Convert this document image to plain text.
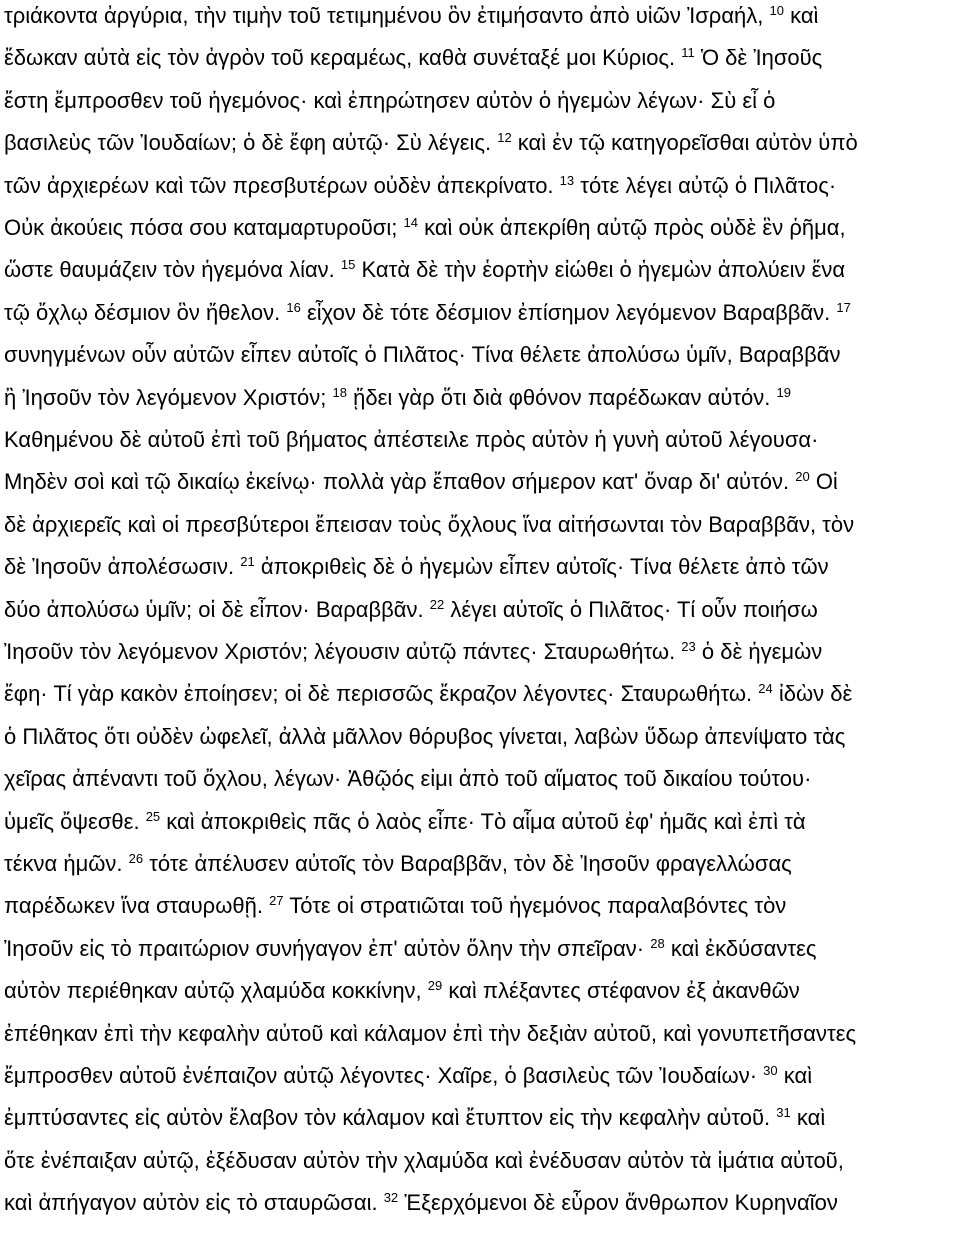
τριάκοντα ἀργύρια, τὴν τιμὴν τοῦ τετιμημένου ὃν ἐτιμήσαντο ἀπὸ υἱῶν Ἰσραήλ, $^{10}$ καὶ
ἔδωκαν αὐτὰ εἰς τὸν ἀγρὸν τοῦ κεραμέως, καθὰ συνέταξέ μοι Κύριος. $^{11}$ Ὁ δὲ Ἰησοῦς
ἔστη ἔμπροσθεν τοῦ ἡγεμόνος· καὶ ἐπηρώτησεν αὐτὸν ὁ ἡγεμὼν λέγων· Σὺ εἶ ὁ
βασιλεὺς τῶν Ἰουδαίων; ὁ δὲ ἔφη αὐτῷ· Σὺ λέγεις. $^{12}$ καὶ ἐν τῷ κατηγορεῖσθαι αὐτὸν ὑπὸ
τῶν ἀρχιερέων καὶ τῶν πρεσβυτέρων οὐδὲν ἀπεκρίνατο. $^{13}$ τότε λέγει αὐτῷ ὁ Πιλᾶτος·
Οὐκ ἀκούεις πόσα σου καταμαρτυροῦσι; $^{14}$ καὶ οὐκ ἀπεκρίθη αὐτῷ πρὸς οὐδὲ ἓν ῥῆμα,
ὥστε θαυμάζειν τὸν ἡγεμόνα λίαν. $^{15}$ Κατὰ δὲ τὴν ἑορτὴν εἰώθει ὁ ἡγεμὼν ἀπολύειν ἕνα
τῷ ὄχλῳ δέσμιον ὃν ἤθελον. $^{16}$ εἶχον δὲ τότε δέσμιον ἐπίσημον λεγόμενον Βαραββᾶν. $^{17}$
συνηγμένων οὖν αὐτῶν εἶπεν αὐτοῖς ὁ Πιλᾶτος· Τίνα θέλετε ἀπολύσω ὑμῖν, Βαραββᾶν
ἢ Ἰησοῦν τὸν λεγόμενον Χριστόν; $^{18}$ ᾔδει γὰρ ὅτι διὰ φθόνον παρέδωκαν αὐτόν. $^{19}$
Καθημένου δὲ αὐτοῦ ἐπὶ τοῦ βήματος ἀπέστειλε πρὸς αὐτὸν ἡ γυνὴ αὐτοῦ λέγουσα·
Μηδὲν σοὶ καὶ τῷ δικαίῳ ἐκείνῳ· πολλὰ γὰρ ἔπαθον σήμερον κατ' ὄναρ δι' αὐτόν. $^{20}$ Οἱ
δὲ ἀρχιερεῖς καὶ οἱ πρεσβύτεροι ἔπεισαν τοὺς ὄχλους ἵνα αἰτήσωνται τὸν Βαραββᾶν, τὸν
δὲ Ἰησοῦν ἀπολέσωσιν. $^{21}$ ἀποκριθεὶς δὲ ὁ ἡγεμὼν εἶπεν αὐτοῖς· Τίνα θέλετε ἀπὸ τῶν
δύο ἀπολύσω ὑμῖν; οἱ δὲ εἶπον· Βαραββᾶν. $^{22}$ λέγει αὐτοῖς ὁ Πιλᾶτος· Τί οὖν ποιήσω
Ἰησοῦν τὸν λεγόμενον Χριστόν; λέγουσιν αὐτῷ πάντες· Σταυρωθήτω. $^{23}$ ὁ δὲ ἡγεμὼν
ἔφη· Τί γὰρ κακὸν ἐποίησεν; οἱ δὲ περισσῶς ἔκραζον λέγοντες· Σταυρωθήτω. $^{24}$ ἰδὼν δὲ
ὁ Πιλᾶτος ὅτι οὐδὲν ὠφελεῖ, ἀλλὰ μᾶλλον θόρυβος γίνεται, λαβὼν ὕδωρ ἀπενίψατο τὰς
χεῖρας ἀπέναντι τοῦ ὄχλου, λέγων· Ἀθῷός εἰμι ἀπὸ τοῦ αἵματος τοῦ δικαίου τούτου·
ὑμεῖς ὄψεσθε. $^{25}$ καὶ ἀποκριθεὶς πᾶς ὁ λαὸς εἶπε· Τὸ αἷμα αὐτοῦ ἐφ' ἡμᾶς καὶ ἐπὶ τὰ
τέκνα ἡμῶν. $^{26}$ τότε ἀπέλυσεν αὐτοῖς τὸν Βαραββᾶν, τὸν δὲ Ἰησοῦν φραγελλώσας
παρέδωκεν ἵνα σταυρωθῇ. $^{27}$ Τότε οἱ στρατιῶται τοῦ ἡγεμόνος παραλαβόντες τὸν
Ἰησοῦν εἰς τὸ πραιτώριον συνήγαγον ἐπ' αὐτὸν ὅλην τὴν σπεῖραν· $^{28}$ καὶ ἐκδύσαντες
αὐτὸν περιέθηκαν αὐτῷ χλαμύδα κοκκίνην, $^{29}$ καὶ πλέξαντες στέφανον ἐξ ἀκανθῶν
ἐπέθηκαν ἐπὶ τὴν κεφαλὴν αὐτοῦ καὶ κάλαμον ἐπὶ τὴν δεξιὰν αὐτοῦ, καὶ γονυπετῆσαντες
ἔμπροσθεν αὐτοῦ ἐνέπαιζον αὐτῷ λέγοντες· Χαῖρε, ὁ βασιλεὺς τῶν Ἰουδαίων· $^{30}$ καὶ
ἐμπτύσαντες εἰς αὐτὸν ἔλαβον τὸν κάλαμον καὶ ἔτυπτον εἰς τὴν κεφαλὴν αὐτοῦ. $^{31}$ καὶ
ὅτε ἐνέπαιξαν αὐτῷ, ἐξέδυσαν αὐτὸν τὴν χλαμύδα καὶ ἐνέδυσαν αὐτὸν τὰ ἱμάτια αὐτοῦ,
καὶ ἀπήγαγον αὐτὸν εἰς τὸ σταυρῶσαι. $^{32}$ Ἐξερχόμενοι δὲ εὗρον ἄνθρωπον Κυρηναῖον
